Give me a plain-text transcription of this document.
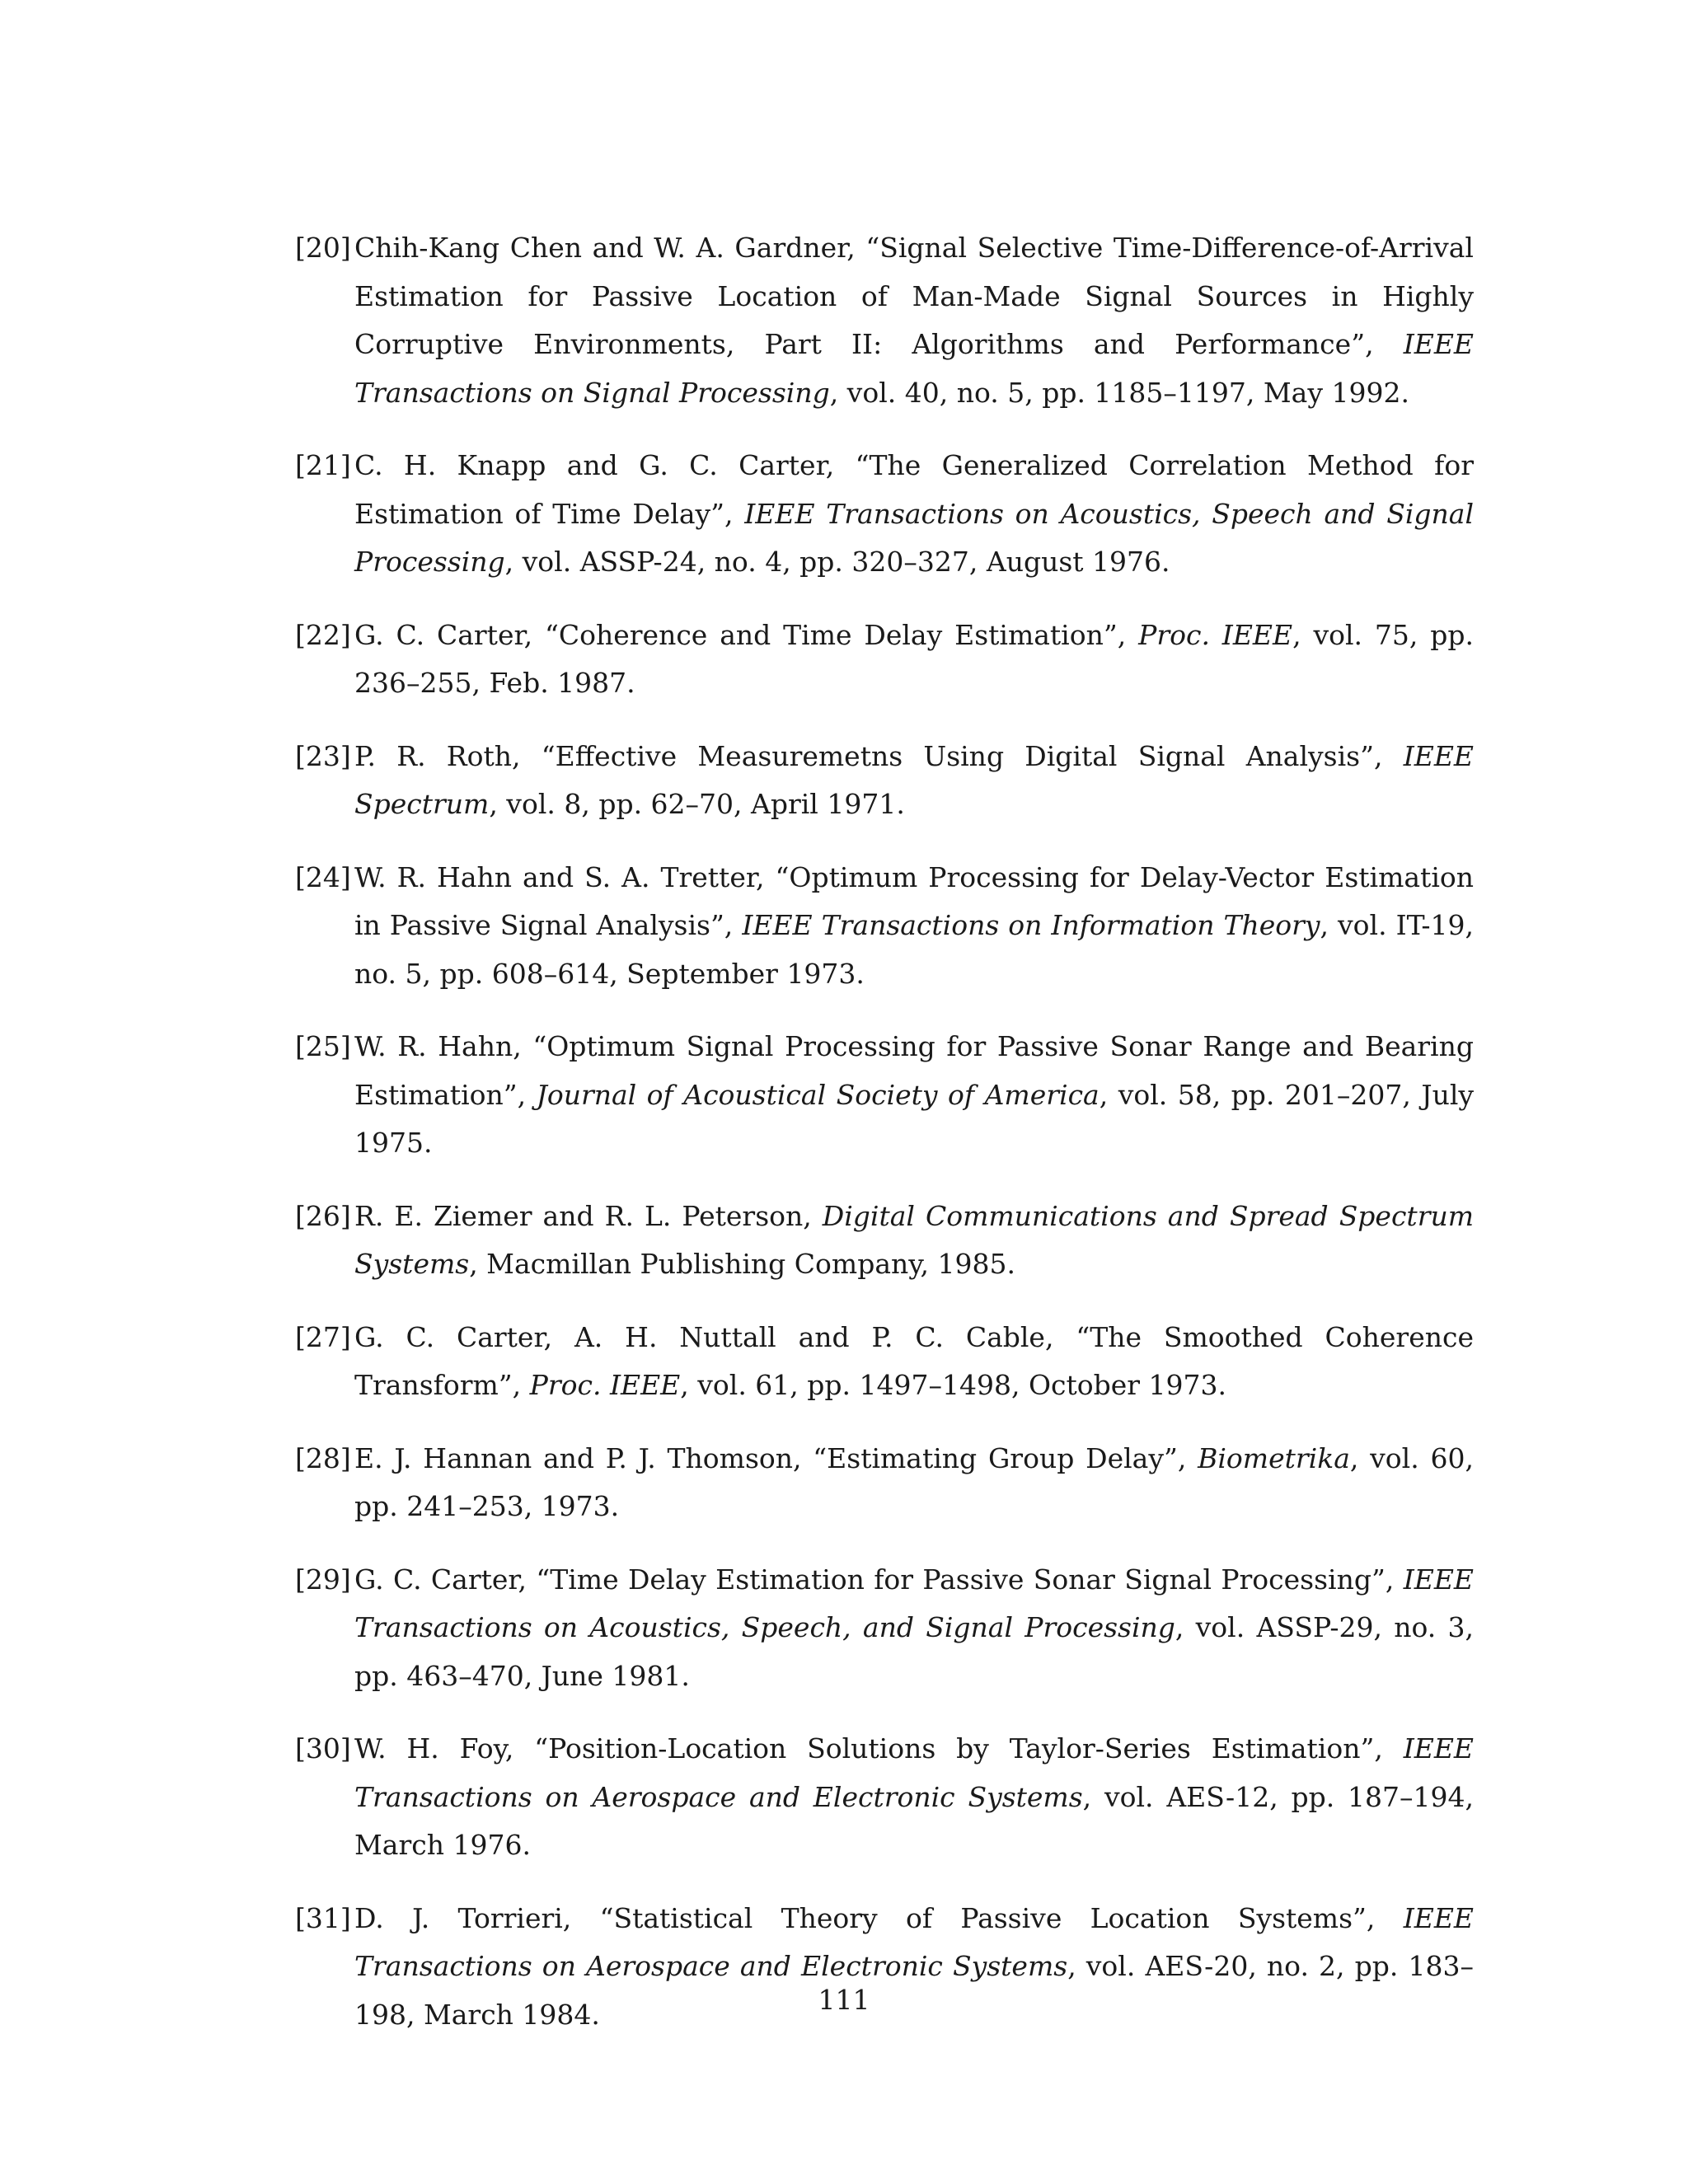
[20] Chih-Kang Chen and W. A. Gardner, “Signal Selective Time-Difference-of-Arrival Estimation for Passive Location of Man-Made Signal Sources in Highly Corruptive Environments, Part II: Algorithms and Performance”, IEEE Transactions on Signal Processing, vol. 40, no. 5, pp. 1185–1197, May 1992.
[21] C. H. Knapp and G. C. Carter, “The Generalized Correlation Method for Estimation of Time Delay”, IEEE Transactions on Acoustics, Speech and Signal Processing, vol. ASSP-24, no. 4, pp. 320–327, August 1976.
[22] G. C. Carter, “Coherence and Time Delay Estimation”, Proc. IEEE, vol. 75, pp. 236–255, Feb. 1987.
[23] P. R. Roth, “Effective Measuremetns Using Digital Signal Analysis”, IEEE Spectrum, vol. 8, pp. 62–70, April 1971.
[24] W. R. Hahn and S. A. Tretter, “Optimum Processing for Delay-Vector Estimation in Passive Signal Analysis”, IEEE Transactions on Information Theory, vol. IT-19, no. 5, pp. 608–614, September 1973.
[25] W. R. Hahn, “Optimum Signal Processing for Passive Sonar Range and Bearing Estimation”, Journal of Acoustical Society of America, vol. 58, pp. 201–207, July 1975.
[26] R. E. Ziemer and R. L. Peterson, Digital Communications and Spread Spectrum Systems, Macmillan Publishing Company, 1985.
[27] G. C. Carter, A. H. Nuttall and P. C. Cable, “The Smoothed Coherence Transform”, Proc. IEEE, vol. 61, pp. 1497–1498, October 1973.
[28] E. J. Hannan and P. J. Thomson, “Estimating Group Delay”, Biometrika, vol. 60, pp. 241–253, 1973.
[29] G. C. Carter, “Time Delay Estimation for Passive Sonar Signal Processing”, IEEE Transactions on Acoustics, Speech, and Signal Processing, vol. ASSP-29, no. 3, pp. 463–470, June 1981.
[30] W. H. Foy, “Position-Location Solutions by Taylor-Series Estimation”, IEEE Transactions on Aerospace and Electronic Systems, vol. AES-12, pp. 187–194, March 1976.
[31] D. J. Torrieri, “Statistical Theory of Passive Location Systems”, IEEE Transactions on Aerospace and Electronic Systems, vol. AES-20, no. 2, pp. 183–198, March 1984.	111
